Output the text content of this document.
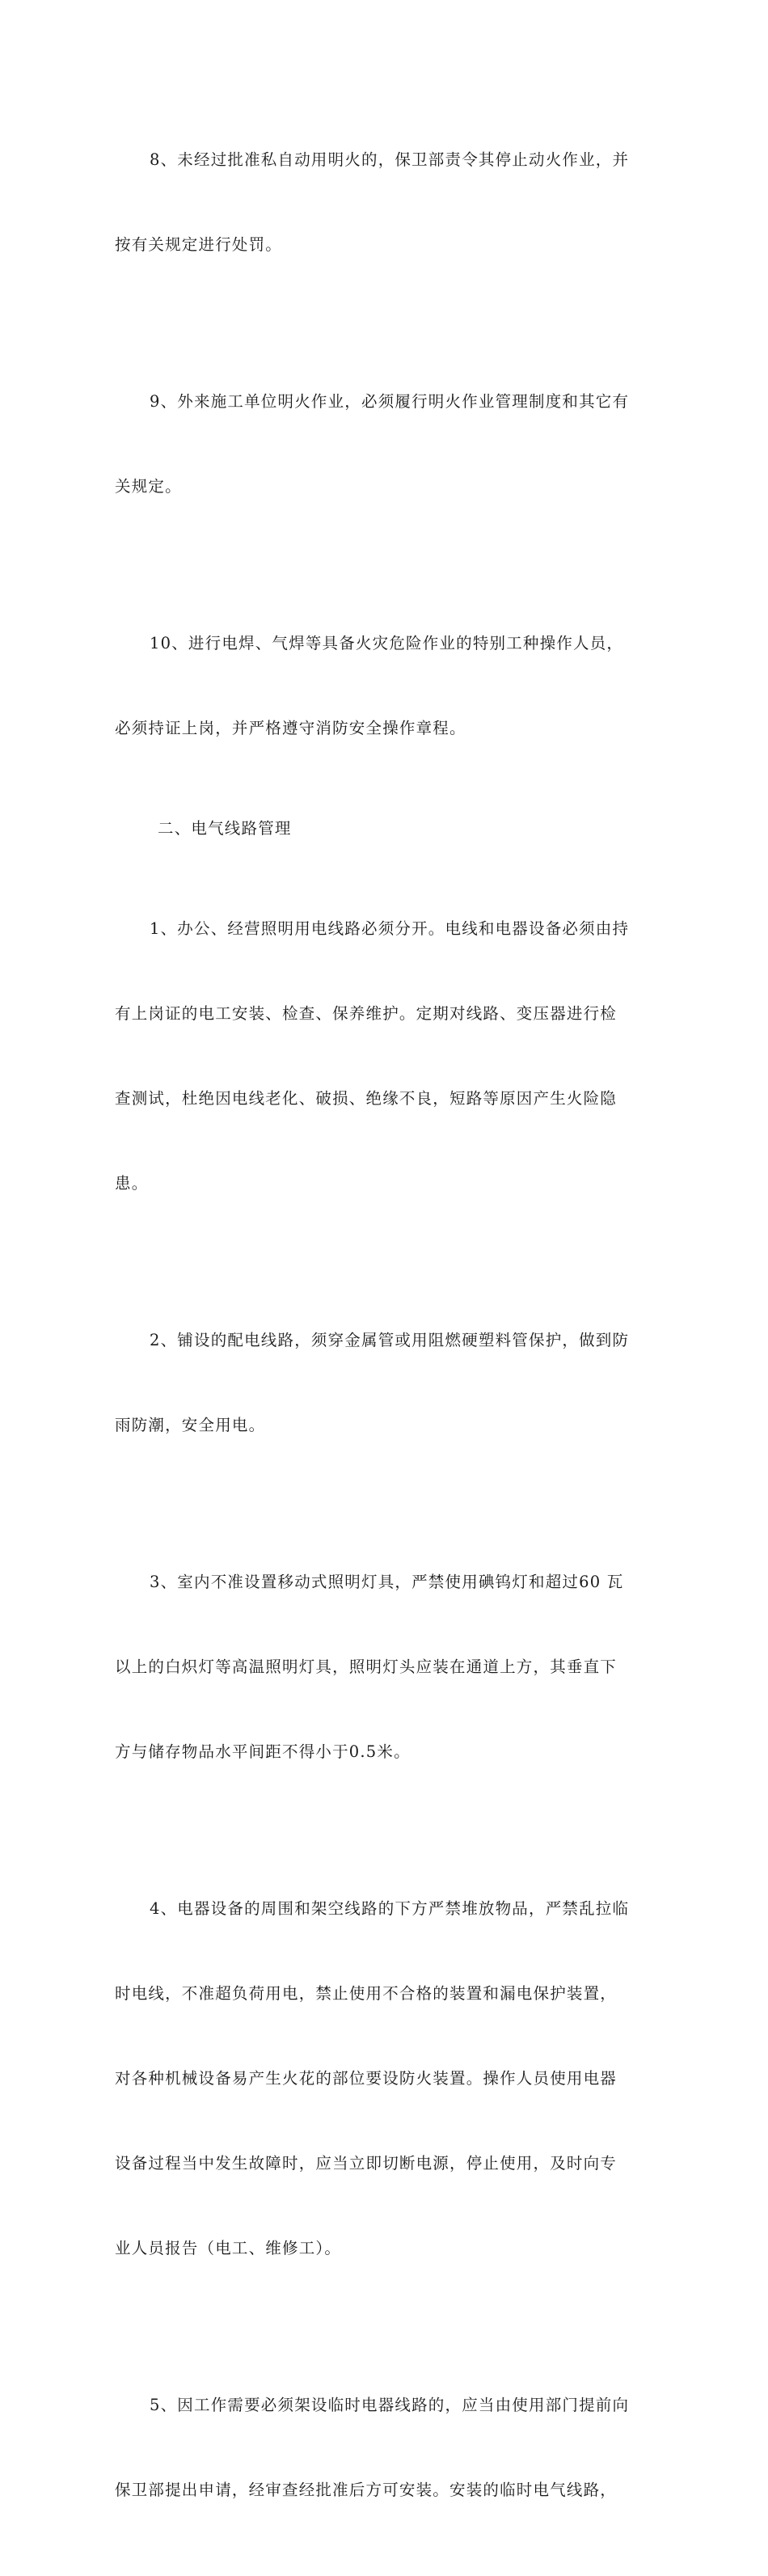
8、未经过批准私自动用明火的，保卫部责令其停止动火作业，并

按有关规定进行处罚。

9、外来施工单位明火作业，必须履行明火作业管理制度和其它有

关规定。

10、进行电焊、气焊等具备火灾危险作业的特别工种操作人员，

必须持证上岗，并严格遵守消防安全操作章程。

二、电气线路管理

1、办公、经营照明用电线路必须分开。电线和电器设备必须由持

有上岗证的电工安装、检查、保养维护。定期对线路、变压器进行检

查测试，杜绝因电线老化、破损、绝缘不良，短路等原因产生火险隐

患。

2、铺设的配电线路，须穿金属管或用阻燃硬塑料管保护，做到防

雨防潮，安全用电。

3、室内不准设置移动式照明灯具，严禁使用碘钨灯和超过60 瓦

以上的白炽灯等高温照明灯具，照明灯头应装在通道上方，其垂直下

方与储存物品水平间距不得小于0.5米。

4、电器设备的周围和架空线路的下方严禁堆放物品，严禁乱拉临

时电线，不准超负荷用电，禁止使用不合格的装置和漏电保护装置，

对各种机械设备易产生火花的部位要设防火装置。操作人员使用电器

设备过程当中发生故障时，应当立即切断电源，停止使用，及时向专

业人员报告（电工、维修工）。

5、因工作需要必须架设临时电器线路的，应当由使用部门提前向

保卫部提出申请，经审查经批准后方可安装。安装的临时电气线路，
